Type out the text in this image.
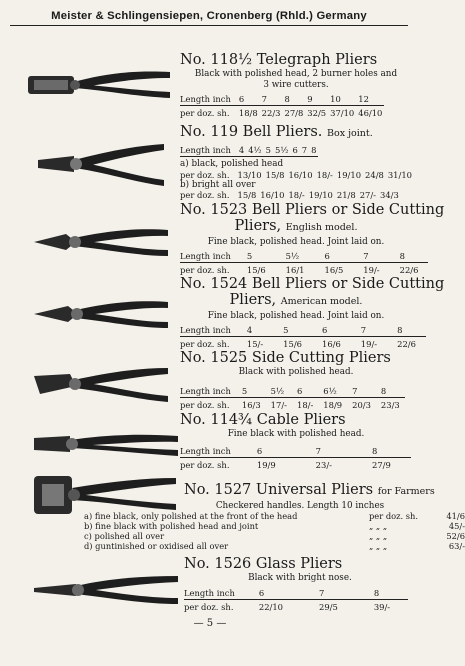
Meister & Schlingensiepen, Cronenberg (Rhld.) Germany
No. 118½ Telegraph Pliers
Black with polished head, 2 burner holes and
3 wire cutters.
Length inch	6	7	8	9	10	12
per doz. sh.	18/8	22/3	27/8	32/5	37/10	46/10
No. 119 Bell Pliers. Box joint.
Length inch	4	4½	5	5½	6	7	8
a) black, polished head
per doz. sh.	13/10	15/8	16/10	18/-	19/10	24/8	31/10
b) bright all over
per doz. sh.	15/8	16/10	18/-	19/10	21/8	27/-	34/3
No. 1523 Bell Pliers or Side Cutting
Pliers, English model.
Fine black, polished head. Joint laid on.
Length inch	5	5½	6	7	8
per doz. sh.	15/6	16/1	16/5	19/-	22/6
No. 1524 Bell Pliers or Side Cutting
Pliers, American model.
Fine black, polished head. Joint laid on.
Length inch	4	5	6	7	8
per doz. sh.	15/-	15/6	16/6	19/-	22/6
No. 1525 Side Cutting Pliers
Black with polished head.
Length inch	5	5½	6	6½	7	8
per doz. sh.	16/3	17/-	18/-	18/9	20/3	23/3
No. 114¾ Cable Pliers
Fine black with polished head.
Length inch	6	7	8
per doz. sh.	19/9	23/-	27/9
No. 1527 Universal Pliers for Farmers
Checkered handles. Length 10 inches
a) fine black, only polished at the front of the head	per doz. sh.	41/6
b) fine black with polished head and joint	„ „ „	45/-
c) polished all over	„ „ „	52/6
d) guntinished or oxidised all over	„ „ „	63/-
No. 1526 Glass Pliers
Black with bright nose.
Length inch	6	7	8
per doz. sh.	22/10	29/5	39/-
— 5 —
